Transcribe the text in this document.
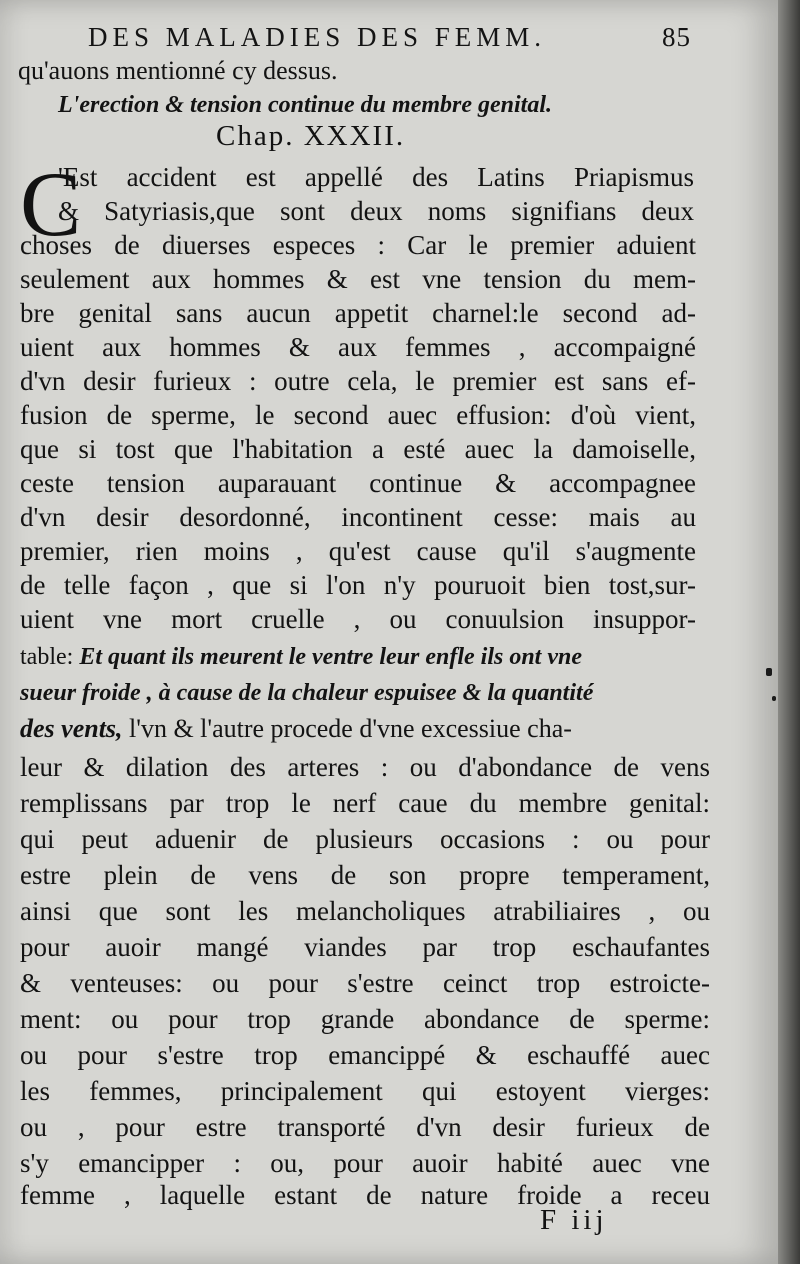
DES MALADIES DES FEMM.	85
qu'auons mentionné cy dessus.
L'erection & tension continue du membre genital.
Chap. XXXII.
C
'Est accident est appellé des Latins Priapismus
& Satyriasis,que sont deux noms signifians deux
choses de diuerses especes : Car le premier aduient
seulement aux hommes & est vne tension du mem-
bre genital sans aucun appetit charnel:le second ad-
uient aux hommes & aux femmes , accompaigné
d'vn desir furieux : outre cela, le premier est sans ef-
fusion de sperme, le second auec effusion: d'où vient,
que si tost que l'habitation a esté auec la damoiselle,
ceste tension auparauant continue & accompagnee
d'vn desir desordonné, incontinent cesse: mais au
premier, rien moins , qu'est cause qu'il s'augmente
de telle façon , que si l'on n'y pouruoit bien tost,sur-
uient vne mort cruelle , ou conuulsion insuppor-
table: Et quant ils meurent le ventre leur enfle ils ont vne
sueur froide , à cause de la chaleur espuisee & la quantité
des vents, l'vn & l'autre procede d'vne excessiue cha-
leur & dilation des arteres : ou d'abondance de vens
remplissans par trop le nerf caue du membre genital:
qui peut aduenir de plusieurs occasions : ou pour
estre plein de vens de son propre temperament,
ainsi que sont les melancholiques atrabiliaires , ou
pour auoir mangé viandes par trop eschaufantes
& venteuses: ou pour s'estre ceinct trop estroicte-
ment: ou pour trop grande abondance de sperme:
ou pour s'estre trop emancippé & eschauffé auec
les femmes, principalement qui estoyent vierges:
ou , pour estre transporté d'vn desir furieux de
s'y emancipper : ou, pour auoir habité auec vne
femme , laquelle estant de nature froide a receu
F iij
